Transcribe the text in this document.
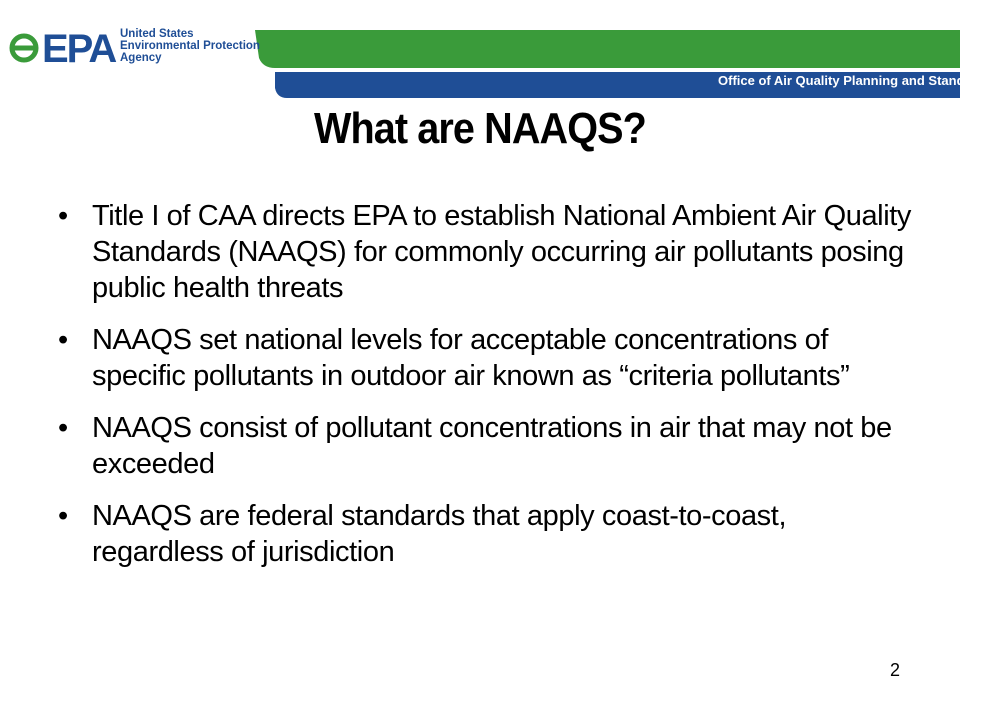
EPA United States
Environmental Protection
Agency
Office of Air Quality Planning and Standards
What are NAAQS?
• Title I of CAA directs EPA to establish National Ambient Air Quality Standards (NAAQS) for commonly occurring air pollutants posing public health threats
• NAAQS set national levels for acceptable concentrations of specific pollutants in outdoor air known as “criteria pollutants”
• NAAQS consist of pollutant concentrations in air that may not be exceeded
• NAAQS are federal standards that apply coast-to-coast, regardless of jurisdiction
2
